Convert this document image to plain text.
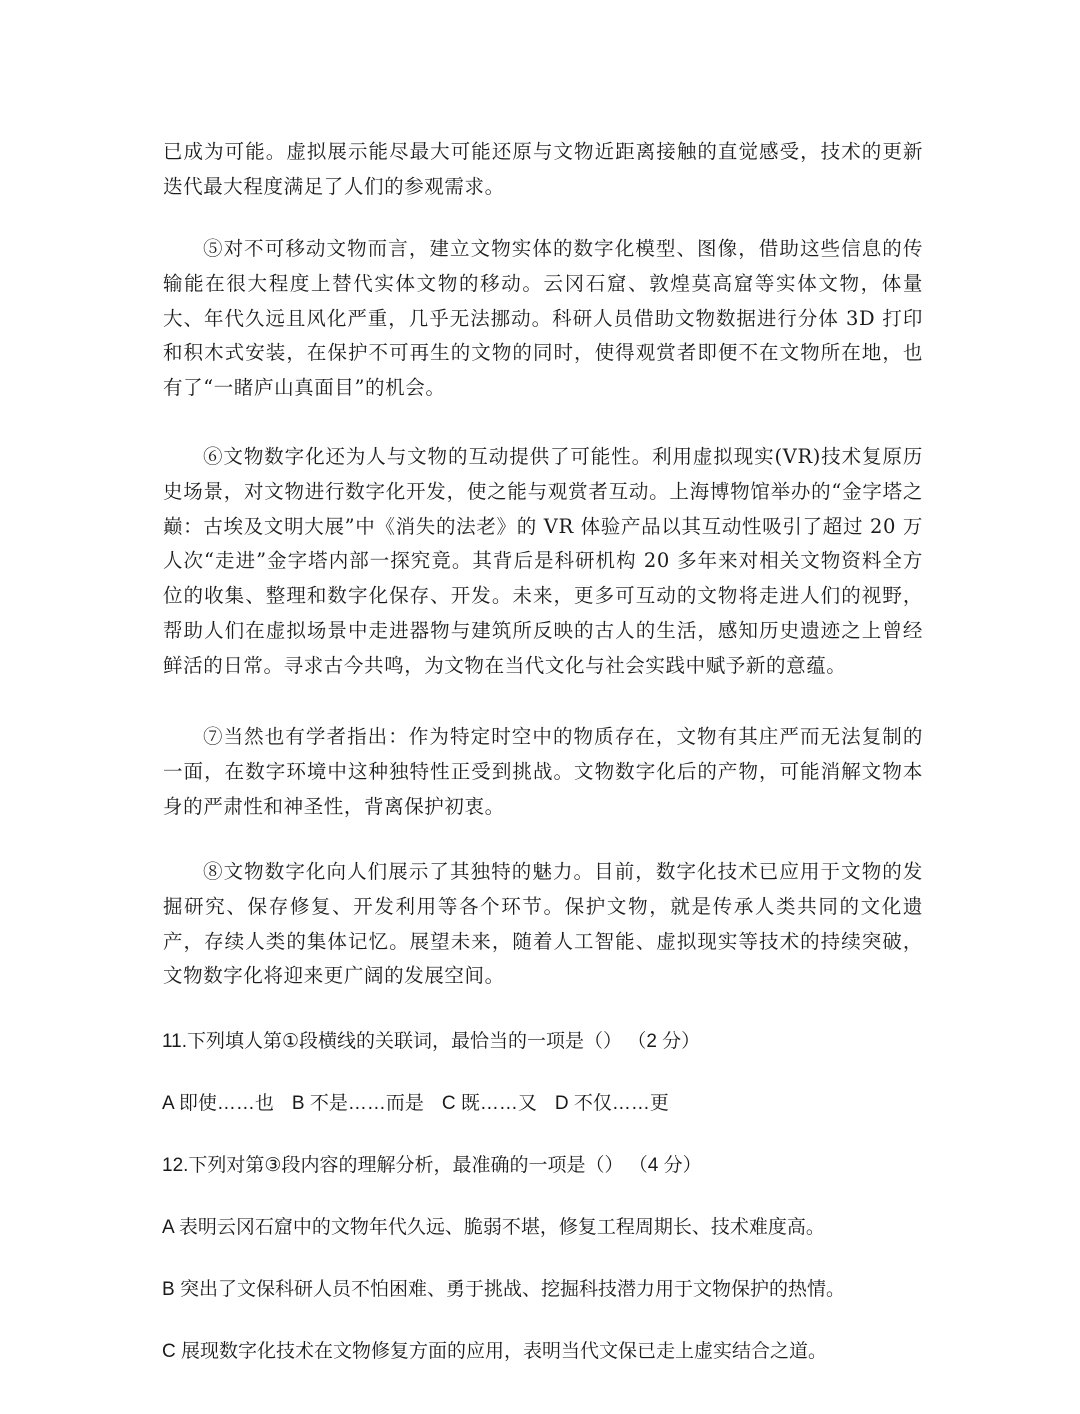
已成为可能。虚拟展示能尽最大可能还原与文物近距离接触的直觉感受，技术的更新迭代最大程度满足了人们的参观需求。

⑤对不可移动文物而言，建立文物实体的数字化模型、图像，借助这些信息的传输能在很大程度上替代实体文物的移动。云冈石窟、敦煌莫高窟等实体文物，体量大、年代久远且风化严重，几乎无法挪动。科研人员借助文物数据进行分体 3D 打印和积木式安装，在保护不可再生的文物的同时，使得观赏者即便不在文物所在地，也有了“一睹庐山真面目”的机会。

⑥文物数字化还为人与文物的互动提供了可能性。利用虚拟现实(VR)技术复原历史场景，对文物进行数字化开发，使之能与观赏者互动。上海博物馆举办的“金字塔之巅：古埃及文明大展”中《消失的法老》的 VR 体验产品以其互动性吸引了超过 20 万人次“走进”金字塔内部一探究竟。其背后是科研机构 20 多年来对相关文物资料全方位的收集、整理和数字化保存、开发。未来，更多可互动的文物将走进人们的视野，帮助人们在虚拟场景中走进器物与建筑所反映的古人的生活，感知历史遗迹之上曾经鲜活的日常。寻求古今共鸣，为文物在当代文化与社会实践中赋予新的意蕴。

⑦当然也有学者指出：作为特定时空中的物质存在，文物有其庄严而无法复制的一面，在数字环境中这种独特性正受到挑战。文物数字化后的产物，可能消解文物本身的严肃性和神圣性，背离保护初衷。

⑧文物数字化向人们展示了其独特的魅力。目前，数字化技术已应用于文物的发掘研究、保存修复、开发利用等各个环节。保护文物，就是传承人类共同的文化遗产，存续人类的集体记忆。展望未来，随着人工智能、虚拟现实等技术的持续突破，文物数字化将迎来更广阔的发展空间。

11.下列填人第①段横线的关联词，最恰当的一项是（） （2 分）

A 即使……也 B 不是……而是 C 既……又 D 不仅……更

12.下列对第③段内容的理解分析，最准确的一项是（） （4 分）

A 表明云冈石窟中的文物年代久远、脆弱不堪，修复工程周期长、技术难度高。

B 突出了文保科研人员不怕困难、勇于挑战、挖掘科技潜力用于文物保护的热情。

C 展现数字化技术在文物修复方面的应用，表明当代文保已走上虚实结合之道。
